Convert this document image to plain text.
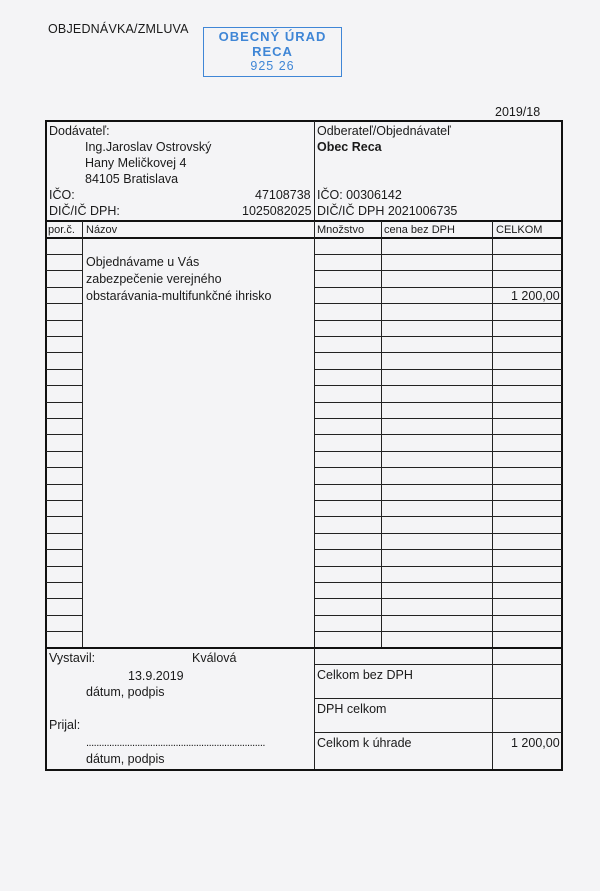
OBJEDNÁVKA/ZMLUVA	OBECNÝ ÚRAD
RECA
925 26
2019/18
Dodávateľ:
Ing.Jaroslav Ostrovský
Hany Meličkovej 4
84105 Bratislava
IČO:	47108738
DIČ/IČ DPH:	1025082025
Odberateľ/Objednávateľ
Obec Reca
IČO: 00306142
DIČ/IČ DPH 2021006735
por.č. Názov	Množstvo cena bez DPH	CELKOM
Objednávame u Vás
zabezpečenie verejného
obstarávania-multifunkčné ihrisko	1 200,00
Vystavil:	Kválová
13.9.2019
dátum, podpis
Prijal:
......................................................................
dátum, podpis
Celkom bez DPH
DPH celkom
Celkom k úhrade	1 200,00
